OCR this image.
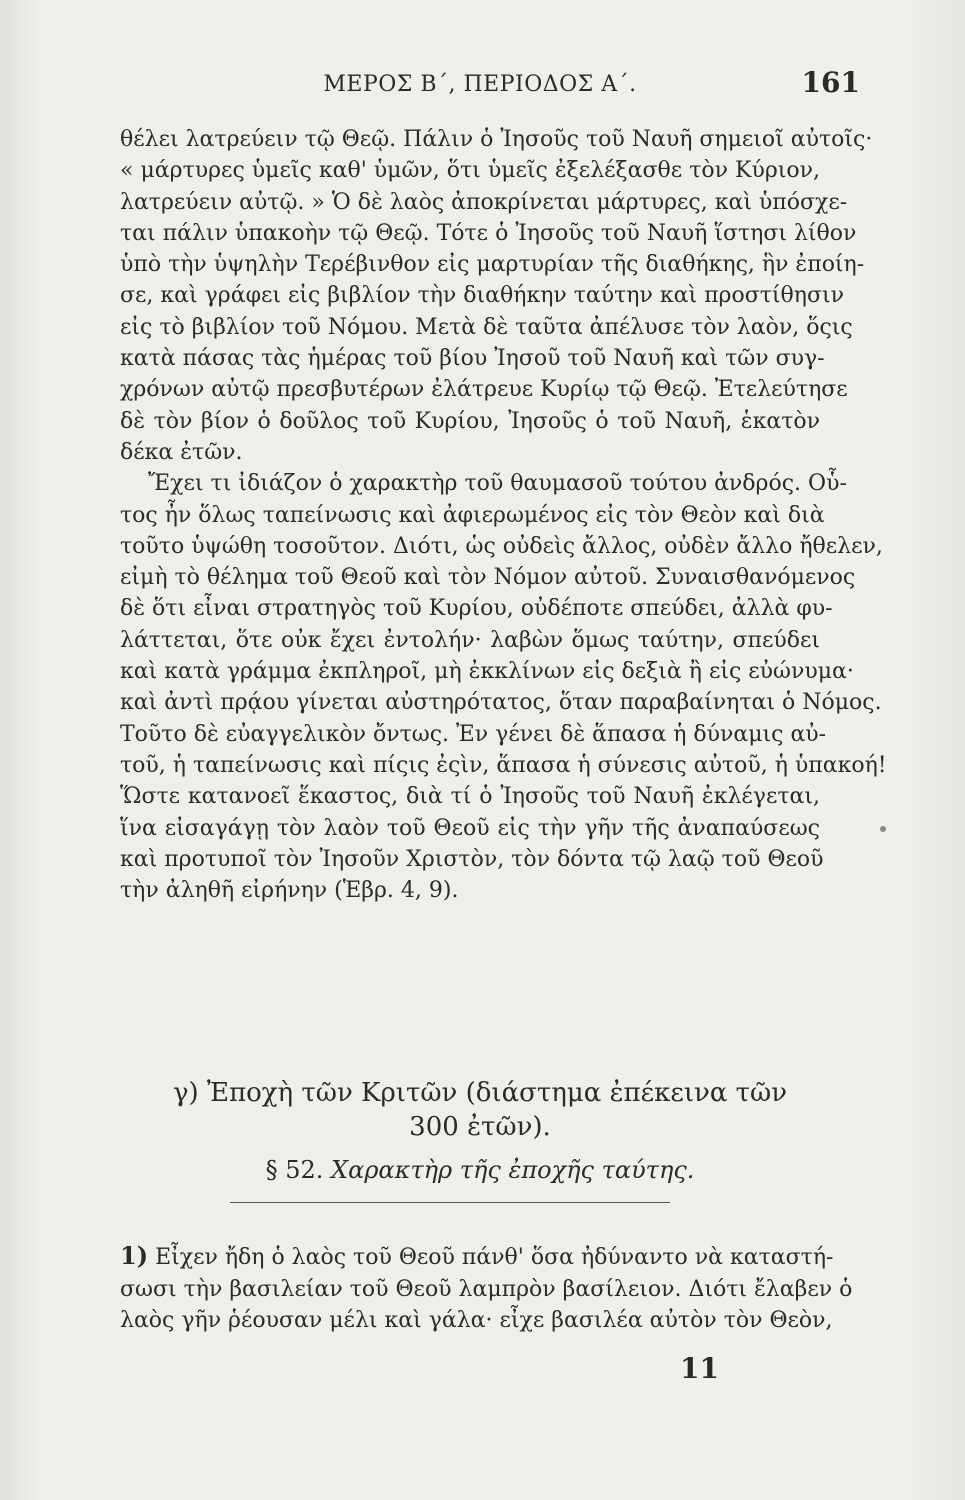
ΜΕΡΟΣ Β΄, ΠΕΡΙΟΔΟΣ Α΄.	161

θέλει λατρεύειν τῷ Θεῷ. Πάλιν ὁ Ἰησοῦς τοῦ Ναυῆ σημειοῖ αὐτοῖς·
« μάρτυρες ὑμεῖς καθ' ὑμῶν, ὅτι ὑμεῖς ἐξελέξασθε τὸν Κύριον,
λατρεύειν αὐτῷ. » Ὁ δὲ λαὸς ἀποκρίνεται μάρτυρες, καὶ ὑπόσχε-
ται πάλιν ὑπακοὴν τῷ Θεῷ. Τότε ὁ Ἰησοῦς τοῦ Ναυῆ ἵστησι λίθον
ὑπὸ τὴν ὑψηλὴν Τερέβινθον εἰς μαρτυρίαν τῆς διαθήκης, ἣν ἐποίη-
σε, καὶ γράφει εἰς βιβλίον τὴν διαθήκην ταύτην καὶ προστίθησιν
εἰς τὸ βιβλίον τοῦ Νόμου. Μετὰ δὲ ταῦτα ἀπέλυσε τὸν λαὸν, ὅςις
κατὰ πάσας τὰς ἡμέρας τοῦ βίου Ἰησοῦ τοῦ Ναυῆ καὶ τῶν συγ-
χρόνων αὐτῷ πρεσβυτέρων ἐλάτρευε Κυρίῳ τῷ Θεῷ. Ἐτελεύτησε
δὲ τὸν βίον ὁ δοῦλος τοῦ Κυρίου, Ἰησοῦς ὁ τοῦ Ναυῆ, ἑκατὸν
δέκα ἐτῶν.

Ἔχει τι ἰδιάζον ὁ χαρακτὴρ τοῦ θαυμασοῦ τούτου ἀνδρός. Οὗ-
τος ἦν ὅλως ταπείνωσις καὶ ἀφιερωμένος εἰς τὸν Θεὸν καὶ διὰ
τοῦτο ὑψώθη τοσοῦτον. Διότι, ὡς οὐδεὶς ἄλλος, οὐδὲν ἄλλο ἤθελεν,
εἰμὴ τὸ θέλημα τοῦ Θεοῦ καὶ τὸν Νόμον αὐτοῦ. Συναισθανόμενος
δὲ ὅτι εἶναι στρατηγὸς τοῦ Κυρίου, οὐδέποτε σπεύδει, ἀλλὰ φυ-
λάττεται, ὅτε οὐκ ἔχει ἐντολήν· λαβὼν ὅμως ταύτην, σπεύδει
καὶ κατὰ γράμμα ἐκπληροῖ, μὴ ἐκκλίνων εἰς δεξιὰ ἢ εἰς εὐώνυμα·
καὶ ἀντὶ πρᾴου γίνεται αὐστηρότατος, ὅταν παραβαίνηται ὁ Νόμος.
Τοῦτο δὲ εὐαγγελικὸν ὄντως. Ἐν γένει δὲ ἅπασα ἡ δύναμις αὐ-
τοῦ, ἡ ταπείνωσις καὶ πίςις ἐςὶν, ἅπασα ἡ σύνεσις αὐτοῦ, ἡ ὑπακοή!
Ὥστε κατανοεῖ ἕκαστος, διὰ τί ὁ Ἰησοῦς τοῦ Ναυῆ ἐκλέγεται,
ἵνα εἰσαγάγῃ τὸν λαὸν τοῦ Θεοῦ εἰς τὴν γῆν τῆς ἀναπαύσεως
καὶ προτυποῖ τὸν Ἰησοῦν Χριστὸν, τὸν δόντα τῷ λαῷ τοῦ Θεοῦ
τὴν ἀληθῆ εἰρήνην (Ἑβρ. 4, 9).

γ) Ἐποχὴ τῶν Κριτῶν (διάστημα ἐπέκεινα τῶν
300 ἐτῶν).
§ 52. Χαρακτὴρ τῆς ἐποχῆς ταύτης.

1) Εἶχεν ἤδη ὁ λαὸς τοῦ Θεοῦ πάνθ' ὅσα ἠδύναντο νὰ καταστή-
σωσι τὴν βασιλείαν τοῦ Θεοῦ λαμπρὸν βασίλειον. Διότι ἔλαβεν ὁ
λαὸς γῆν ῥέουσαν μέλι καὶ γάλα· εἶχε βασιλέα αὐτὸν τὸν Θεὸν,

11
